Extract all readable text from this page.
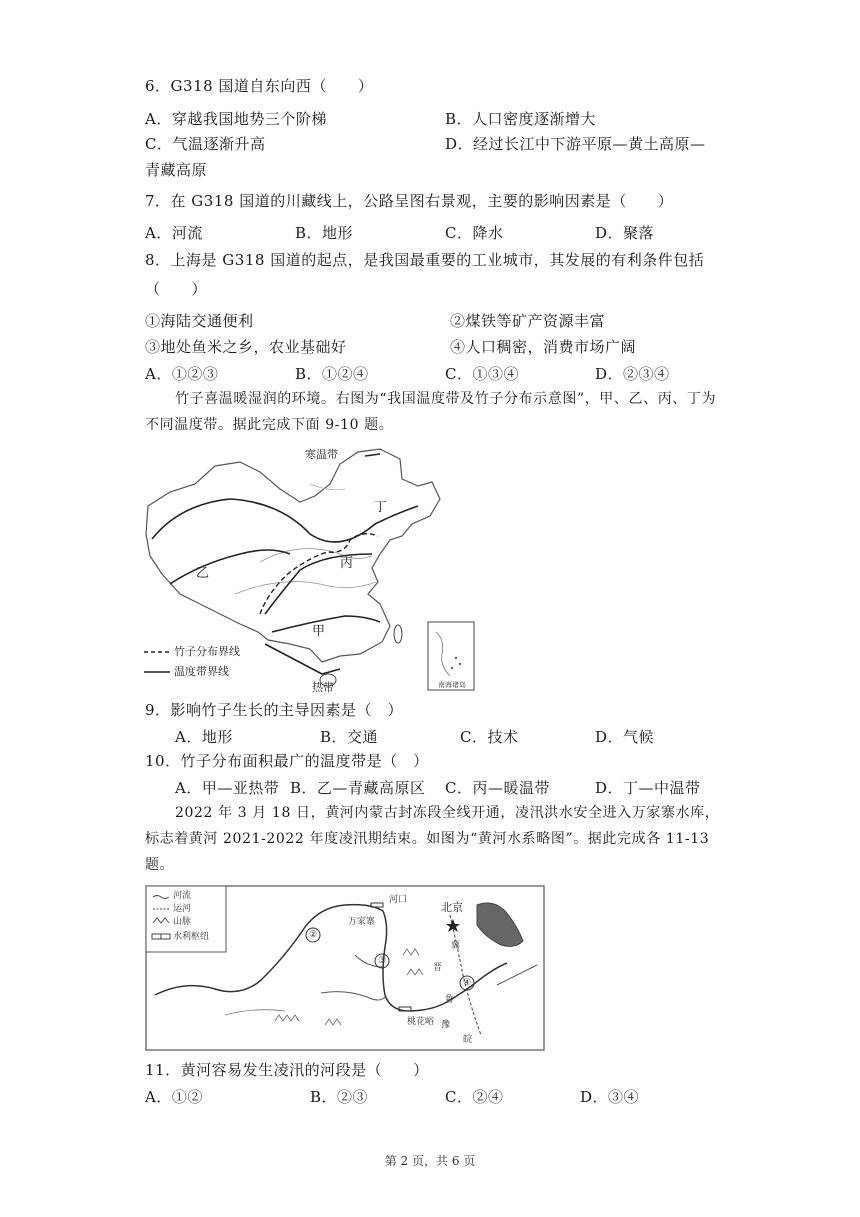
6．G318 国道自东向西（　　）
A．穿越我国地势三个阶梯	B．人口密度逐渐增大
C．气温逐渐升高	D．经过长江中下游平原—黄土高原—
青藏高原
7．在 G318 国道的川藏线上，公路呈图右景观，主要的影响因素是（　　）
A．河流	B．地形	C．降水	D．聚落
8．上海是 G318 国道的起点，是我国最重要的工业城市，其发展的有利条件包括
（　　）
①海陆交通便利	②煤铁等矿产资源丰富
③地处鱼米之乡，农业基础好	④人口稠密，消费市场广阔
A．①②③	B．①②④	C．①③④	D．②③④
竹子喜温暖湿润的环境。右图为“我国温度带及竹子分布示意图”，甲、乙、丙、丁为不同温度带。据此完成下面 9-10 题。
寒温带
丁
丙
乙
甲
热带
竹子分布界线
温度带界线
南海诸岛
9．影响竹子生长的主导因素是（　）
A．地形	B．交通	C．技术	D．气候
10．竹子分布面积最广的温度带是（　）
A．甲—亚热带 B．乙—青藏高原区 C．丙—暖温带	D．丁—中温带
2022 年 3 月 18 日，黄河内蒙古封冻段全线开通，凌汛洪水安全进入万家寨水库，标志着黄河 2021-2022 年度凌汛期结束。如图为“黄河水系略图”。据此完成各 11-13 题。
河流
运河
山脉
水利枢纽
河口
北京
万家寨
桃花峪
②
③
④
冀
晋
鲁
豫
皖
11．黄河容易发生凌汛的河段是（　　）
A．①②	B．②③	C．②④	D．③④
第 2 页，共 6 页
